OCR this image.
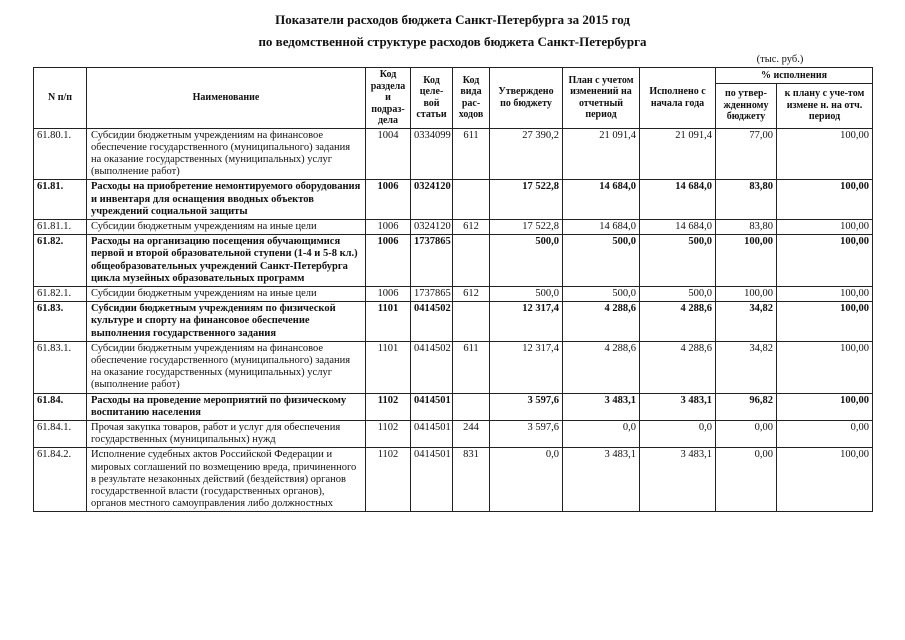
Показатели расходов бюджета Санкт-Петербурга за 2015 год
по ведомственной структуре расходов бюджета Санкт-Петербурга
(тыс. руб.)
N п/п	Наименование	Код раздела и подраз-дела	Код целе-вой статьи	Код вида рас-ходов	Утверждено по бюджету	План с учетом изменений на отчетный период	Исполнено с начала года	% исполнения	
								по утвер-жденному бюджету	к плану с уче-том измене н. на отч. период
61.80.1.	Субсидии бюджетным учреждениям на финансовое обеспечение государственного (муниципального) задания на оказание государственных (муниципальных) услуг (выполнение работ)	1004	0334099	611	27 390,2	21 091,4	21 091,4	77,00	100,00
61.81.	Расходы на приобретение немонтируемого оборудования и инвентаря для оснащения вводных объектов учреждений социальной защиты	1006	0324120		17 522,8	14 684,0	14 684,0	83,80	100,00
61.81.1.	Субсидии бюджетным учреждениям на иные цели	1006	0324120	612	17 522,8	14 684,0	14 684,0	83,80	100,00
61.82.	Расходы на организацию посещения обучающимися первой и второй образовательной ступени (1-4 и 5-8 кл.) общеобразовательных учреждений Санкт-Петербурга цикла музейных образовательных программ	1006	1737865		500,0	500,0	500,0	100,00	100,00
61.82.1.	Субсидии бюджетным учреждениям на иные цели	1006	1737865	612	500,0	500,0	500,0	100,00	100,00
61.83.	Субсидии бюджетным учреждениям по физической культуре и спорту на финансовое обеспечение выполнения государственного задания	1101	0414502		12 317,4	4 288,6	4 288,6	34,82	100,00
61.83.1.	Субсидии бюджетным учреждениям на финансовое обеспечение государственного (муниципального) задания на оказание государственных (муниципальных) услуг (выполнение работ)	1101	0414502	611	12 317,4	4 288,6	4 288,6	34,82	100,00
61.84.	Расходы на проведение мероприятий по физическому воспитанию населения	1102	0414501		3 597,6	3 483,1	3 483,1	96,82	100,00
61.84.1.	Прочая закупка товаров, работ и услуг для обеспечения государственных (муниципальных) нужд	1102	0414501	244	3 597,6	0,0	0,0	0,00	0,00
61.84.2.	Исполнение судебных актов Российской Федерации и мировых соглашений по возмещению вреда, причиненного в результате незаконных действий (бездействия) органов государственной власти (государственных органов), органов местного самоуправления либо должностных	1102	0414501	831	0,0	3 483,1	3 483,1	0,00	100,00
